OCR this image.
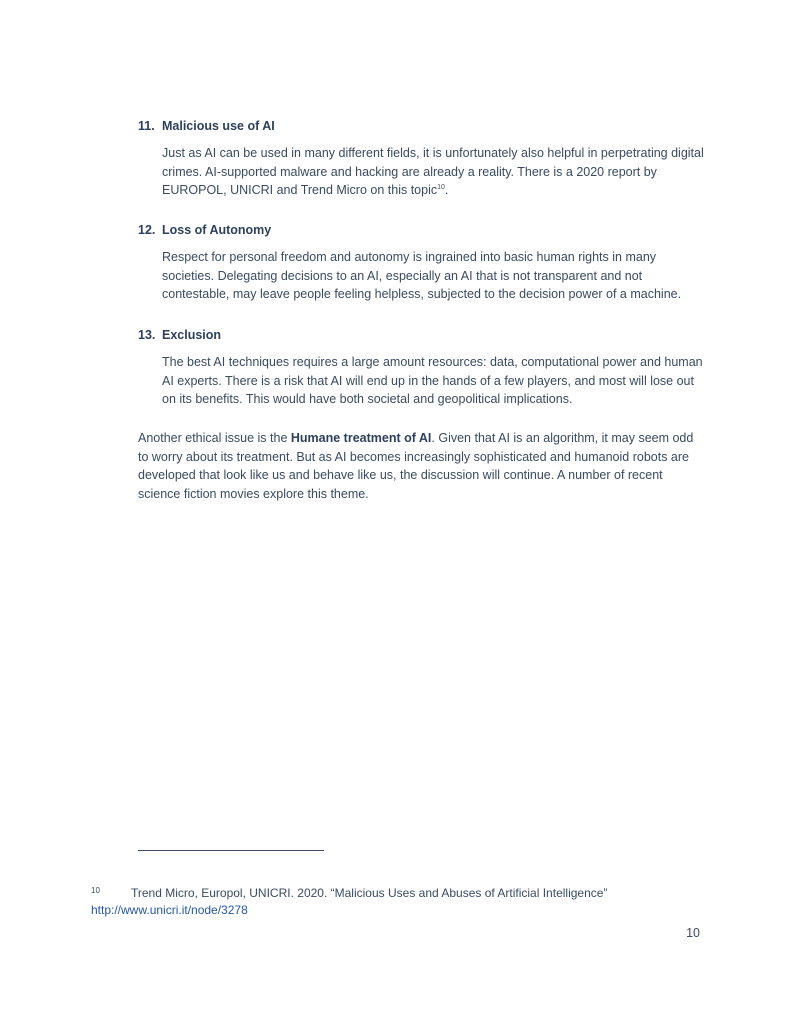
11. Malicious use of AI

Just as AI can be used in many different fields, it is unfortunately also helpful in perpetrating digital crimes. AI-supported malware and hacking are already a reality. There is a 2020 report by EUROPOL, UNICRI and Trend Micro on this topic$^{10}$.

12. Loss of Autonomy

Respect for personal freedom and autonomy is ingrained into basic human rights in many societies. Delegating decisions to an AI, especially an AI that is not transparent and not contestable, may leave people feeling helpless, subjected to the decision power of a machine.

13. Exclusion

The best AI techniques requires a large amount resources: data, computational power and human AI experts. There is a risk that AI will end up in the hands of a few players, and most will lose out on its benefits. This would have both societal and geopolitical implications.

Another ethical issue is the Humane treatment of AI. Given that AI is an algorithm, it may seem odd to worry about its treatment. But as AI becomes increasingly sophisticated and humanoid robots are developed that look like us and behave like us, the discussion will continue. A number of recent science fiction movies explore this theme.

10	Trend Micro, Europol, UNICRI. 2020. “Malicious Uses and Abuses of Artificial Intelligence”
http://www.unicri.it/node/3278

10
